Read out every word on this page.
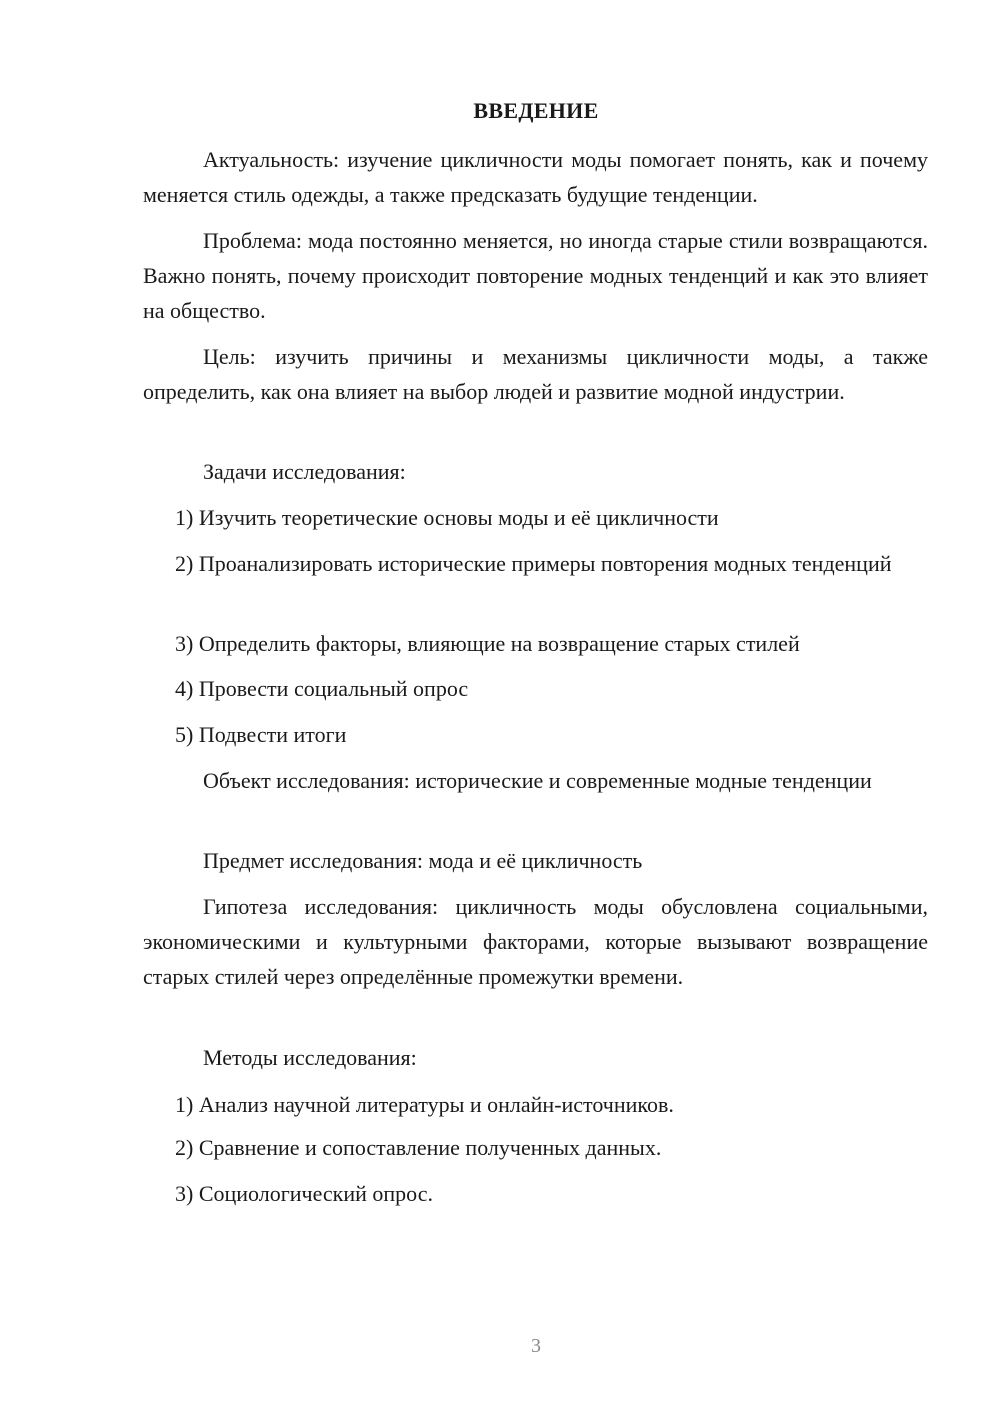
ВВЕДЕНИЕ

Актуальность: изучение цикличности моды помогает понять, как и почему меняется стиль одежды, а также предсказать будущие тенденции.

Проблема: мода постоянно меняется, но иногда старые стили возвращаются. Важно понять, почему происходит повторение модных тенденций и как это влияет на общество.

Цель: изучить причины и механизмы цикличности моды, а также определить, как она влияет на выбор людей и развитие модной индустрии.

Задачи исследования:

1) Изучить теоретические основы моды и её цикличности

2) Проанализировать исторические примеры повторения модных тенденций

3) Определить факторы, влияющие на возвращение старых стилей

4) Провести социальный опрос

5) Подвести итоги

Объект исследования: исторические и современные модные тенденции

Предмет исследования: мода и её цикличность

Гипотеза исследования: цикличность моды обусловлена социальными, экономическими и культурными факторами, которые вызывают возвращение старых стилей через определённые промежутки времени.

Методы исследования:

1) Анализ научной литературы и онлайн-источников.

2) Сравнение и сопоставление полученных данных.

3) Социологический опрос.

3
